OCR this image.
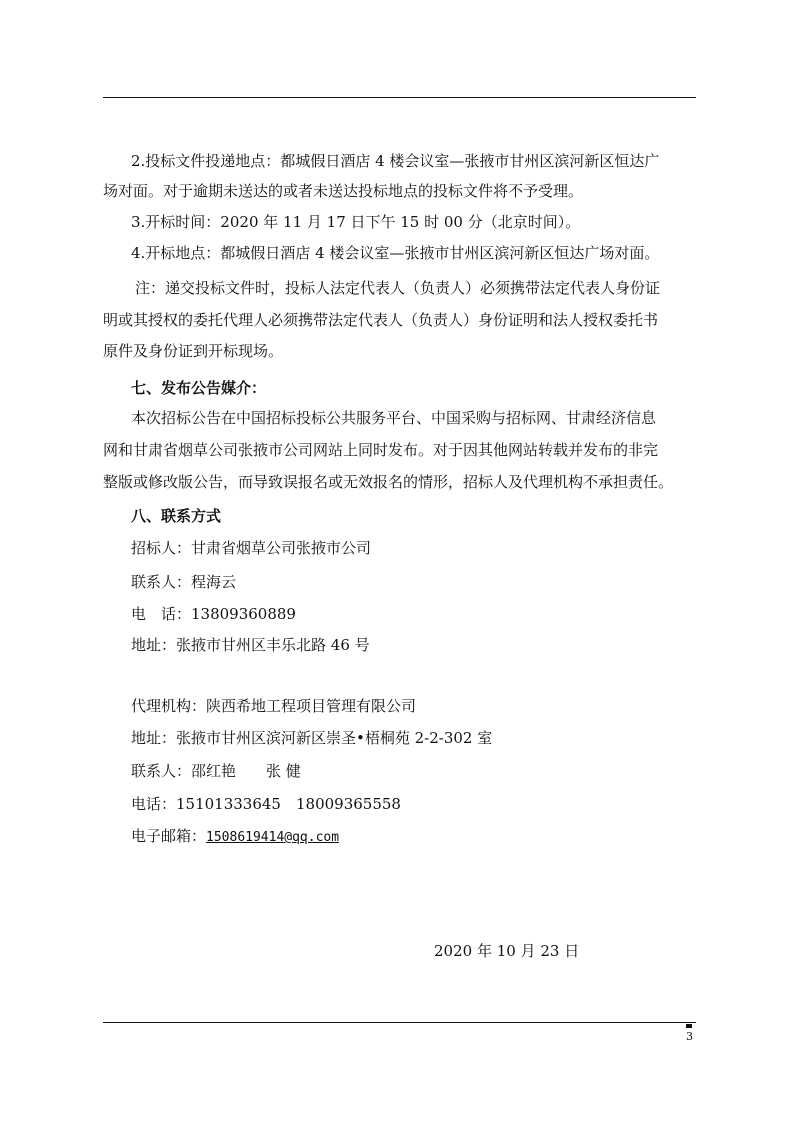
2.投标文件投递地点：都城假日酒店 4 楼会议室—张掖市甘州区滨河新区恒达广
场对面。对于逾期未送达的或者未送达投标地点的投标文件将不予受理。
3.开标时间：2020 年 11 月 17 日下午 15 时 00 分（北京时间）。
4.开标地点：都城假日酒店 4 楼会议室—张掖市甘州区滨河新区恒达广场对面。
注：递交投标文件时，投标人法定代表人（负责人）必须携带法定代表人身份证
明或其授权的委托代理人必须携带法定代表人（负责人）身份证明和法人授权委托书
原件及身份证到开标现场。
七、发布公告媒介：
本次招标公告在中国招标投标公共服务平台、中国采购与招标网、甘肃经济信息
网和甘肃省烟草公司张掖市公司网站上同时发布。对于因其他网站转载并发布的非完
整版或修改版公告，而导致误报名或无效报名的情形，招标人及代理机构不承担责任。
八、联系方式
招标人：甘肃省烟草公司张掖市公司
联系人：程海云
电　话：13809360889
地址：张掖市甘州区丰乐北路 46 号
代理机构：陕西希地工程项目管理有限公司
地址：张掖市甘州区滨河新区崇圣•梧桐苑 2-2-302 室
联系人：邵红艳　　张 健
电话：15101333645　18009365558
电子邮箱：1508619414@qq.com
2020 年 10 月 23 日
3
